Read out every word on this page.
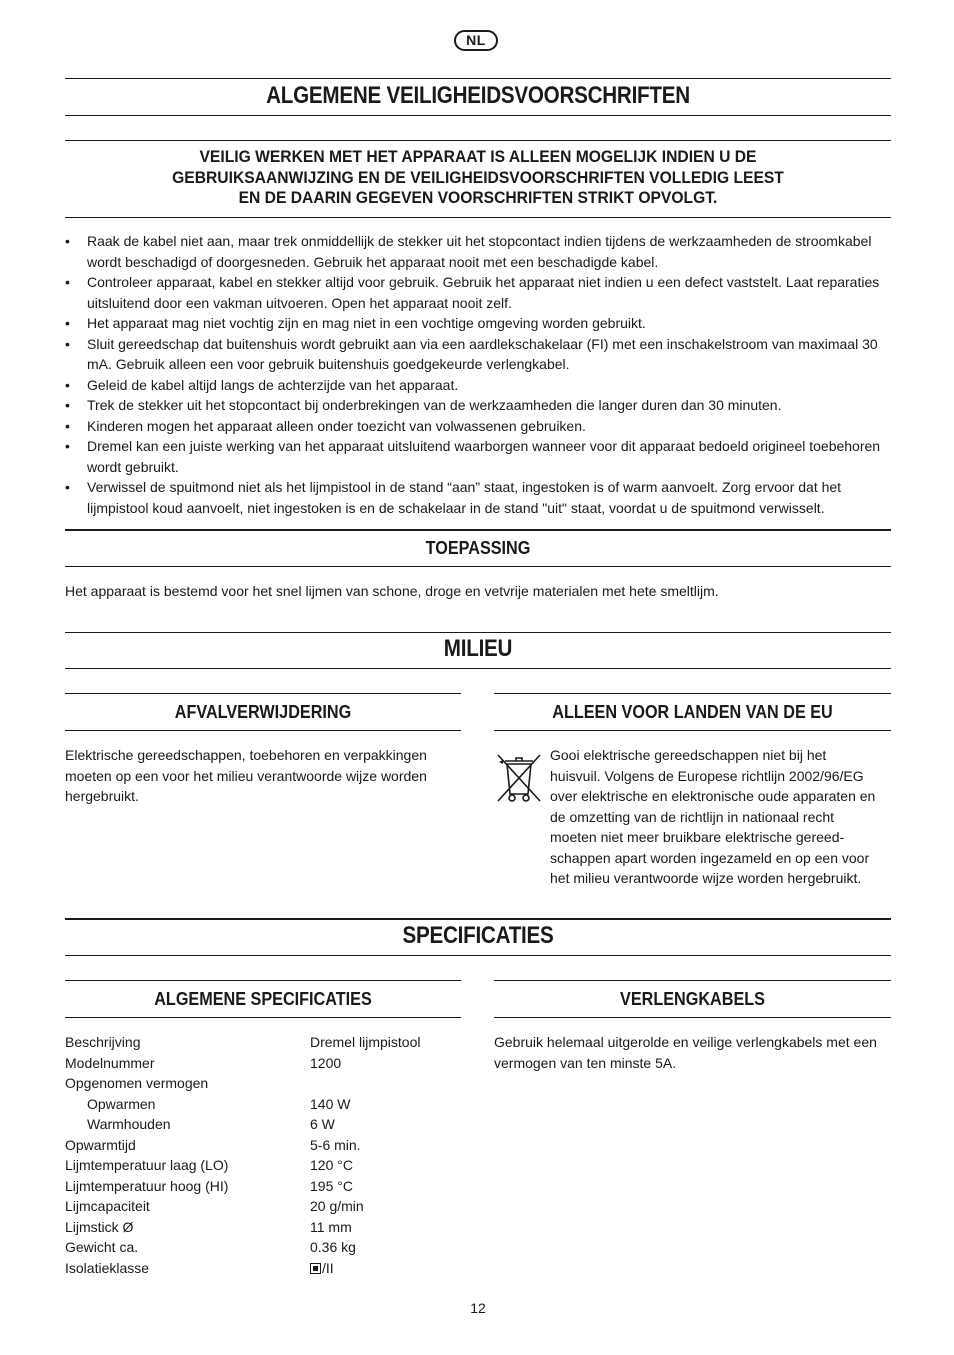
NL
ALGEMENE VEILIGHEIDSVOORSCHRIFTEN
VEILIG WERKEN MET HET APPARAAT IS ALLEEN MOGELIJK INDIEN U DE
GEBRUIKSAANWIJZING EN DE VEILIGHEIDSVOORSCHRIFTEN VOLLEDIG LEEST
EN DE DAARIN GEGEVEN VOORSCHRIFTEN STRIKT OPVOLGT.
• Raak de kabel niet aan, maar trek onmiddellijk de stekker uit het stopcontact indien tijdens de werkzaamheden de stroomkabel
wordt beschadigd of doorgesneden. Gebruik het apparaat nooit met een beschadigde kabel.
• Controleer apparaat, kabel en stekker altijd voor gebruik. Gebruik het apparaat niet indien u een defect vaststelt. Laat reparaties
uitsluitend door een vakman uitvoeren. Open het apparaat nooit zelf.
• Het apparaat mag niet vochtig zijn en mag niet in een vochtige omgeving worden gebruikt.
• Sluit gereedschap dat buitenshuis wordt gebruikt aan via een aardlekschakelaar (FI) met een inschakelstroom van maximaal 30
mA. Gebruik alleen een voor gebruik buitenshuis goedgekeurde verlengkabel.
• Geleid de kabel altijd langs de achterzijde van het apparaat.
• Trek de stekker uit het stopcontact bij onderbrekingen van de werkzaamheden die langer duren dan 30 minuten.
• Kinderen mogen het apparaat alleen onder toezicht van volwassenen gebruiken.
• Dremel kan een juiste werking van het apparaat uitsluitend waarborgen wanneer voor dit apparaat bedoeld origineel toebehoren
wordt gebruikt.
• Verwissel de spuitmond niet als het lijmpistool in de stand “aan” staat, ingestoken is of warm aanvoelt. Zorg ervoor dat het
lijmpistool koud aanvoelt, niet ingestoken is en de schakelaar in de stand "uit" staat, voordat u de spuitmond verwisselt.
TOEPASSING
Het apparaat is bestemd voor het snel lijmen van schone, droge en vetvrije materialen met hete smeltlijm.
MILIEU
AFVALVERWIJDERING
Elektrische gereedschappen, toebehoren en verpakkingen
moeten op een voor het milieu verantwoorde wijze worden
hergebruikt.
ALLEEN VOOR LANDEN VAN DE EU
Gooi elektrische gereedschappen niet bij het
huisvuil. Volgens de Europese richtlijn 2002/96/EG
over elektrische en elektronische oude apparaten en
de omzetting van de richtlijn in nationaal recht
moeten niet meer bruikbare elektrische gereed-
schappen apart worden ingezameld en op een voor
het milieu verantwoorde wijze worden hergebruikt.
SPECIFICATIES
ALGEMENE SPECIFICATIES
Beschrijving	Dremel lijmpistool
Modelnummer	1200
Opgenomen vermogen
Opwarmen	140 W
Warmhouden	6 W
Opwarmtijd	5-6 min.
Lijmtemperatuur laag (LO)	120 °C
Lijmtemperatuur hoog (HI)	195 °C
Lijmcapaciteit	20 g/min
Lijmstick Ø	11 mm
Gewicht ca.	0.36 kg
Isolatieklasse	/II
VERLENGKABELS
Gebruik helemaal uitgerolde en veilige verlengkabels met een
vermogen van ten minste 5A.
12
